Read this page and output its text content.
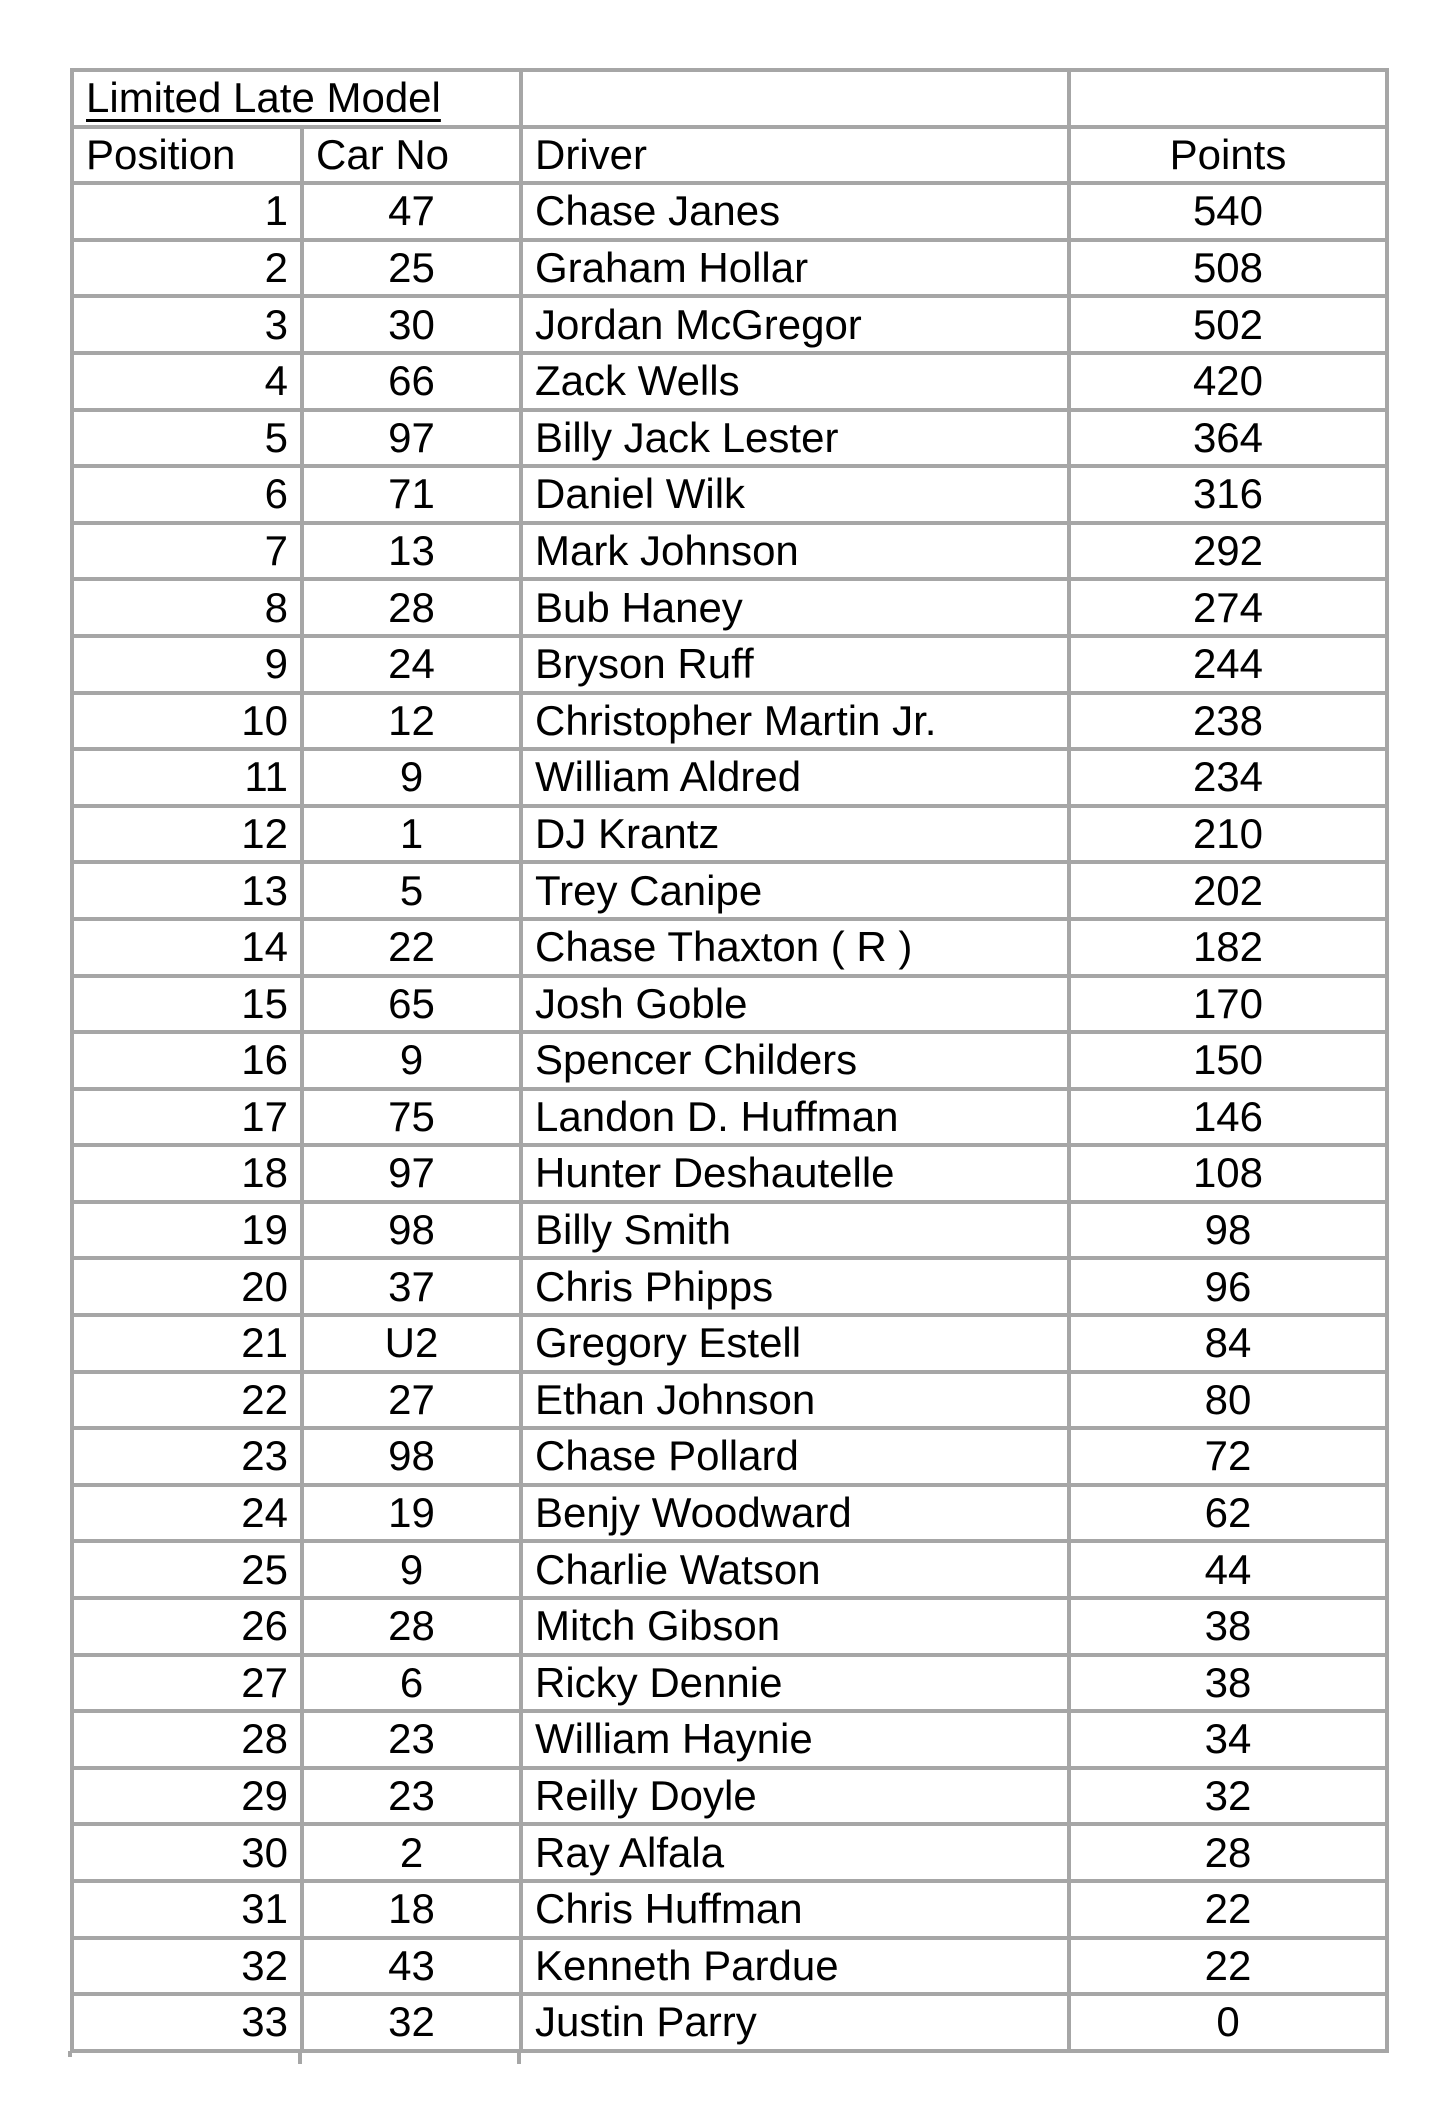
Limited Late Model			
Position	Car No	Driver	Points
1	47	Chase Janes	540
2	25	Graham Hollar	508
3	30	Jordan McGregor	502
4	66	Zack Wells	420
5	97	Billy Jack Lester	364
6	71	Daniel Wilk	316
7	13	Mark Johnson	292
8	28	Bub Haney	274
9	24	Bryson Ruff	244
10	12	Christopher Martin Jr.	238
11	9	William Aldred	234
12	1	DJ Krantz	210
13	5	Trey Canipe	202
14	22	Chase Thaxton ( R )	182
15	65	Josh Goble	170
16	9	Spencer Childers	150
17	75	Landon D. Huffman	146
18	97	Hunter Deshautelle	108
19	98	Billy Smith	98
20	37	Chris Phipps	96
21	U2	Gregory Estell	84
22	27	Ethan Johnson	80
23	98	Chase Pollard	72
24	19	Benjy Woodward	62
25	9	Charlie Watson	44
26	28	Mitch Gibson	38
27	6	Ricky Dennie	38
28	23	William Haynie	34
29	23	Reilly Doyle	32
30	2	Ray Alfala	28
31	18	Chris Huffman	22
32	43	Kenneth Pardue	22
33	32	Justin Parry	0
